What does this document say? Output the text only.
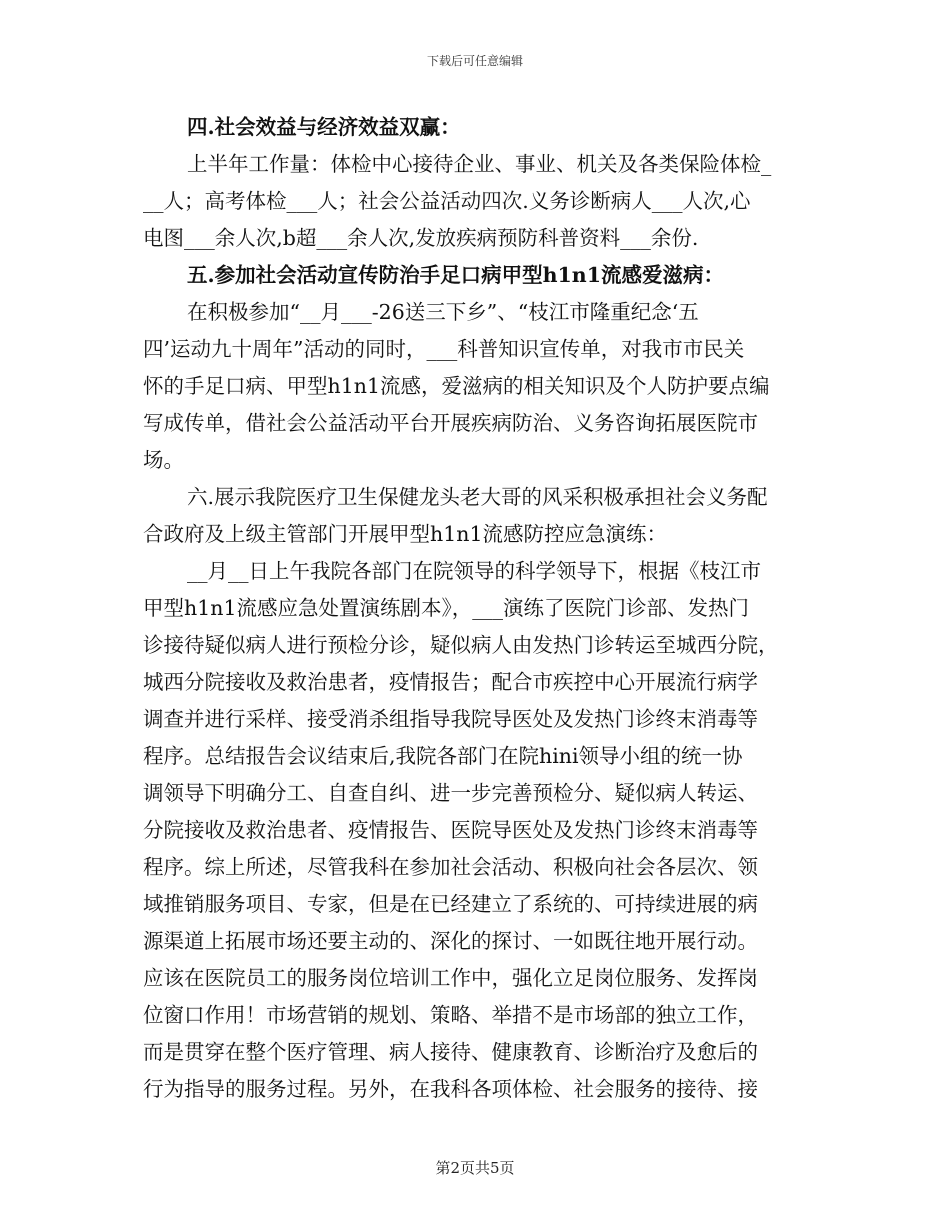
下载后可任意编辑
四.社会效益与经济效益双赢：
上半年工作量：体检中心接待企业、事业、机关及各类保险体检_
__人；高考体检___人；社会公益活动四次.义务诊断病人___人次,心
电图___余人次,b超___余人次,发放疾病预防科普资料___余份.
五.参加社会活动宣传防治手足口病甲型h1n1流感爱滋病：
在积极参加“__月___-26送三下乡”、“枝江市隆重纪念‘五
四’运动九十周年”活动的同时，___科普知识宣传单，对我市市民关
怀的手足口病、甲型h1n1流感，爱滋病的相关知识及个人防护要点编
写成传单，借社会公益活动平台开展疾病防治、义务咨询拓展医院市
场。
六.展示我院医疗卫生保健龙头老大哥的风采积极承担社会义务配
合政府及上级主管部门开展甲型h1n1流感防控应急演练：
__月__日上午我院各部门在院领导的科学领导下，根据《枝江市
甲型h1n1流感应急处置演练剧本》，___演练了医院门诊部、发热门
诊接待疑似病人进行预检分诊，疑似病人由发热门诊转运至城西分院，
城西分院接收及救治患者，疫情报告；配合市疾控中心开展流行病学
调查并进行采样、接受消杀组指导我院导医处及发热门诊终末消毒等
程序。总结报告会议结束后,我院各部门在院hini领导小组的统一协
调领导下明确分工、自查自纠、进一步完善预检分、疑似病人转运、
分院接收及救治患者、疫情报告、医院导医处及发热门诊终末消毒等
程序。综上所述，尽管我科在参加社会活动、积极向社会各层次、领
域推销服务项目、专家，但是在已经建立了系统的、可持续进展的病
源渠道上拓展市场还要主动的、深化的探讨、一如既往地开展行动。
应该在医院员工的服务岗位培训工作中，强化立足岗位服务、发挥岗
位窗口作用！市场营销的规划、策略、举措不是市场部的独立工作，
而是贯穿在整个医疗管理、病人接待、健康教育、诊断治疗及愈后的
行为指导的服务过程。另外，在我科各项体检、社会服务的接待、接
第2页共5页
